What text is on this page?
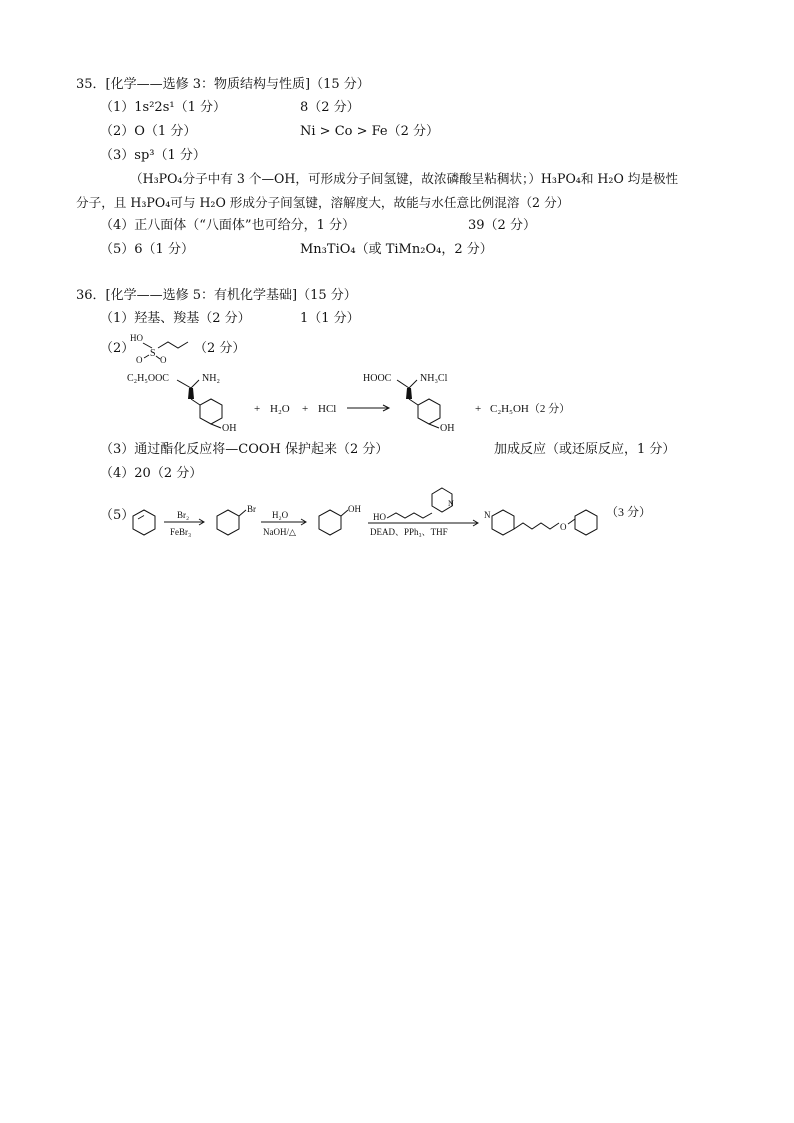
35．[化学——选修 3：物质结构与性质]（15 分）
（1）1s²2s¹（1 分）	8（2 分）
（2）O（1 分）	Ni > Co > Fe（2 分）
（3）sp³（1 分）
（H₃PO₄分子中有 3 个—OH，可形成分子间氢键，故浓磷酸呈粘稠状；）H₃PO₄和 H₂O 均是极性
分子，且 H₃PO₄可与 H₂O 形成分子间氢键，溶解度大，故能与水任意比例混溶（2 分）
（4）正八面体（“八面体”也可给分，1 分）	39（2 分）
（5）6（1 分）	Mn₃TiO₄（或 TiMn₂O₄，2 分）
36．[化学——选修 5：有机化学基础]（15 分）
（1）羟基、羧基（2 分）	1（1 分）
（2）
HO
S
O O
（2 分）
C₂H₅OOC	NH₂
OH
+ H₂O + HCl
HOOC	NH₃Cl
OH
+ C₂H₅OH（2 分）
（3）通过酯化反应将—COOH 保护起来（2 分）	加成反应（或还原反应，1 分）
（4）20（2 分）
（5）	Br₂
FeBr₃
Br
H₂O
NaOH/△
OH
HO
N
DEAD、PPh₃、THF
N
O
（3 分）
